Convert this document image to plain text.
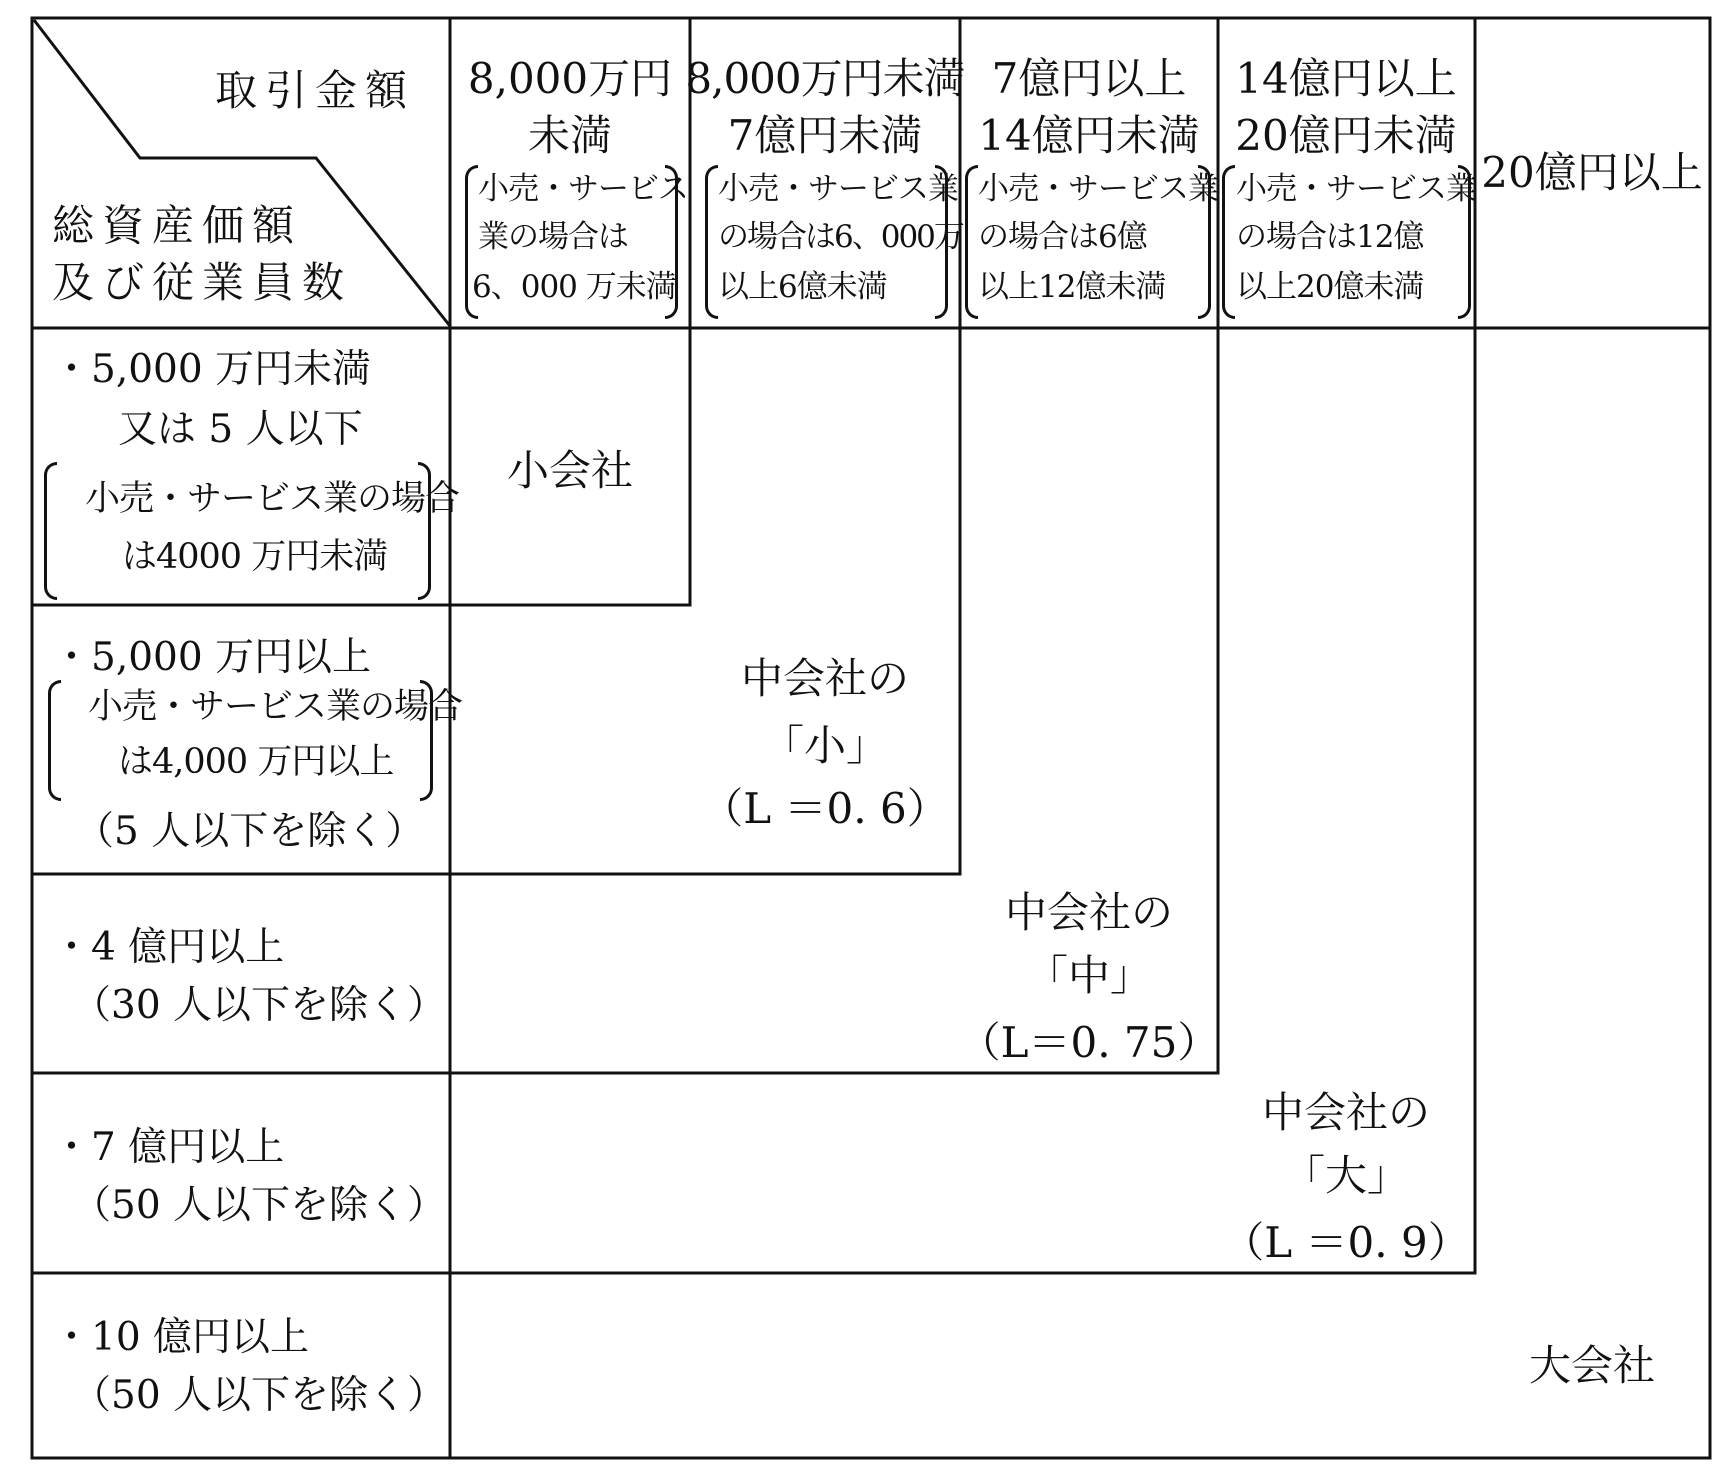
取引金額
総資産価額
及び従業員数
8,000万円
未満
小売・サービス
業の場合は
6、000 万未満
8,000万円未満
7億円未満
小売・サービス業
の場合は6、000万
以上6億未満
7億円以上
14億円未満
小売・サービス業
の場合は6億
以上12億未満
14億円以上
20億円未満
小売・サービス業
の場合は12億
以上20億未満
20億円以上
・5,000 万円未満
又は 5 人以下
小売・サービス業の場合
は4000 万円未満
・5,000 万円以上
小売・サービス業の場合
は4,000 万円以上
（5 人以下を除く）
・4 億円以上
（30 人以下を除く）
・7 億円以上
（50 人以下を除く）
・10 億円以上
（50 人以下を除く）
小会社
中会社の
「小」
（L ＝0. 6）
中会社の
「中」
（L＝0. 75）
中会社の
「大」
（L ＝0. 9）
大会社
